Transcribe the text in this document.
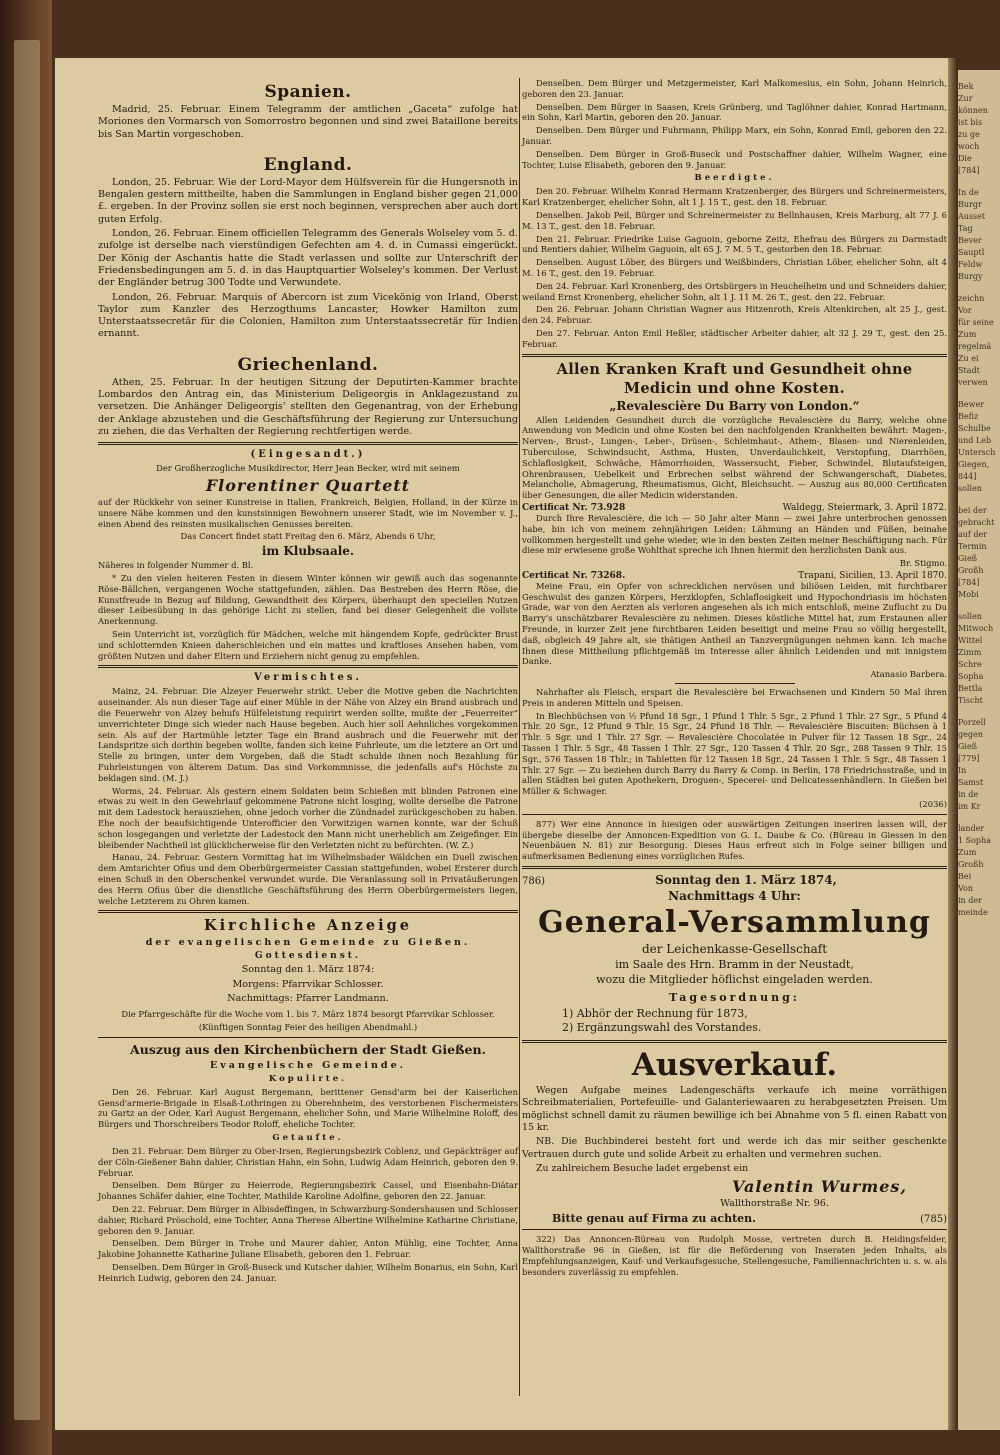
Bek
Zur
können
ist bis
zu ge
woch
Die
[784]
In de
Burgr
Ausset
Tag
Bever
Sauptl
Feldw
Burgy
zeichn
Vor
für seine
Zum
regelmä
Zu ei
Stadt
verwen
Bewer
Befiz
Schulbe
und Leb
Untersch
Giegen,
844]
sollen
bei der
gebracht
auf der
Termin
Gieß
Großh
[784]
Mobi
sollen
Mitwoch
Wittel
Zimm
Schre
Sopha
Bettla
Tischt
Porzell
gegen
Gieß
[779]
In
Samst
in de
im Kr
lander
1 Sopha
Zum
Großh
Bei
Von
in der
meinde
Spanien.

Madrid, 25. Februar. Einem Telegramm der amtlichen „Gaceta“ zufolge hat Moriones den Vormarsch von Somorrostro begonnen und sind zwei Bataillone bereits bis San Martin vorgeschoben.

England.

London, 25. Februar. Wie der Lord-Mayor dem Hülfsverein für die Hungersnoth in Bengalen gestern mittheilte, haben die Sammlungen in England bisher gegen 21,000 £. ergeben. In der Provinz sollen sie erst noch beginnen, versprechen aber auch dort guten Erfolg.

London, 26. Februar. Einem officiellen Telegramm des Generals Wolseley vom 5. d. zufolge ist derselbe nach vierstündigen Gefechten am 4. d. in Cumassi eingerückt. Der König der Aschantis hatte die Stadt verlassen und sollte zur Unterschrift der Friedensbedingungen am 5. d. in das Hauptquartier Wolseley's kommen. Der Verlust der Engländer betrug 300 Todte und Verwundete.

London, 26. Februar. Marquis of Abercorn ist zum Vicekönig von Irland, Oberst Taylor zum Kanzler des Herzogthums Lancaster, Howker Hamilton zum Unterstaatssecretär für die Colonien, Hamilton zum Unterstaatssecretär für Indien ernannt.

Griechenland.

Athen, 25. Februar. In der heutigen Sitzung der Deputirten-Kammer brachte Lombardos den Antrag ein, das Ministerium Deligeorgis in Anklagezustand zu versetzen. Die Anhänger Deligeorgis' stellten den Gegenantrag, von der Erhebung der Anklage abzustehen und die Geschäftsführung der Regierung zur Untersuchung zu ziehen, die das Verhalten der Regierung rechtfertigen werde.

(Eingesandt.)

Der Großherzogliche Musikdirector, Herr Jean Becker, wird mit seinem

Florentiner Quartett

auf der Rückkehr von seiner Kunstreise in Italien, Frankreich, Belgien, Holland, in der Kürze in unsere Nähe kommen und den kunstsinnigen Bewohnern unserer Stadt, wie im November v. J., einen Abend des reinsten musikalischen Genusses bereiten.

Das Concert findet statt Freitag den 6. März, Abends 6 Uhr,

im Klubsaale.

Näheres in folgender Nummer d. Bl.

* Zu den vielen heiteren Festen in diesem Winter können wir gewiß auch das sogenannte Röse-Bällchen, vergangenen Woche stattgefunden, zählen. Das Bestreben des Herrn Röse, die Kunstfreude in Bezug auf Bildung, Gewandtheit des Körpers, überhaupt den speciellen Nutzen dieser Leibesübung in das gehörige Licht zu stellen, fand bei dieser Gelegenheit die vollste Anerkennung.

Sein Unterricht ist, vorzüglich für Mädchen, welche mit hängendem Kopfe, gedrückter Brust und schlotternden Knieen daherschleichen und ein mattes und kraftloses Ansehen haben, vom größten Nutzen und daher Eltern und Erziehern nicht genug zu empfehlen.

Vermischtes.

Mainz, 24. Februar. Die Alzeyer Feuerwehr strikt. Ueber die Motive geben die Nachrichten auseinander. Als nun dieser Tage auf einer Mühle in der Nähe von Alzey ein Brand ausbrach und die Feuerwehr von Alzey behufs Hülfeleistung requirirt werden sollte, mußte der „Feuerreiter“ unverrichteter Dinge sich wieder nach Hause begeben. Auch hier soll Aehnliches vorgekommen sein. Als auf der Hartmühle letzter Tage ein Brand ausbrach und die Feuerwehr mit der Landspritze sich dorthin begeben wollte, fanden sich keine Fuhrleute, um die letztere an Ort und Stelle zu bringen, unter dem Vorgeben, daß die Stadt schulde ihnen noch Bezahlung für Fuhrleistungen von älterem Datum. Das sind Vorkommnisse, die jedenfalls auf's Höchste zu beklagen sind. (M. J.)

Worms, 24. Februar. Als gestern einem Soldaten beim Schießen mit blinden Patronen eine etwas zu weit in den Gewehrlauf gekommene Patrone nicht losging, wollte derselbe die Patrone mit dem Ladestock herausziehen, ohne jedoch vorher die Zündnadel zurückgeschoben zu haben. Ehe noch der beaufsichtigende Unterofficier den Vorwitzigen warnen konnte, war der Schuß schon losgegangen und verletzte der Ladestock den Mann nicht unerheblich am Zeigefinger. Ein bleibender Nachtheil ist glücklicherweise für den Verletzten nicht zu befürchten. (W. Z.)

Hanau, 24. Februar. Gestern Vormittag hat im Wilhelmsbader Wäldchen ein Duell zwischen dem Amtsrichter Ofius und dem Oberbürgermeister Cassian stattgefunden, wobei Ersterer durch einen Schuß in den Oberschenkel verwundet wurde. Die Veranlassung soll in Privatäußerungen des Herrn Ofius über die dienstliche Geschäftsführung des Herrn Oberbürgermeisters liegen, welche Letzterem zu Ohren kamen.

Kirchliche Anzeige
der evangelischen Gemeinde zu Gießen.
Gottesdienst.

Sonntag den 1. März 1874:

Morgens: Pfarrvikar Schlosser.

Nachmittags: Pfarrer Landmann.

Die Pfarrgeschäfte für die Woche vom 1. bis 7. März 1874 besorgt Pfarrvikar Schlosser.

(Künftigen Sonntag Feier des heiligen Abendmahl.)

Auszug aus den Kirchenbüchern der Stadt Gießen.
Evangelische Gemeinde.
Kopulirte.

Den 26. Februar. Karl August Bergemann, berittener Gensd'arm bei der Kaiserlichen Gensd'armerie-Brigade in Elsaß-Lothringen zu Oberehnheim, des verstorbenen Fischermeisters zu Gartz an der Oder, Karl August Bergemann, ehelicher Sohn, und Marie Wilhelmine Roloff, des Bürgers und Thorschreibers Teodor Roloff, eheliche Tochter.

Getaufte.

Den 21. Februar. Dem Bürger zu Ober-Irsen, Regierungsbezirk Coblenz, und Gepäckträger auf der Cöln-Gießener Bahn dahier, Christian Hahn, ein Sohn, Ludwig Adam Heinrich, geboren den 9. Februar.

Denselben. Dem Bürger zu Heierrode, Regierungsbezirk Cassel, und Eisenbahn-Diätar Johannes Schäfer dahier, eine Tochter, Mathilde Karoline Adolfine, geboren den 22. Januar.

Den 22. Februar. Dem Bürger in Albisdeffingen, in Schwarzburg-Sondershausen und Schlosser dahier, Richard Pröschold, eine Tochter, Anna Therese Albertine Wilhelmine Katharine Christiane, geboren den 9. Januar.

Denselben. Dem Bürger in Trohe und Maurer dahier, Anton Mühlig, eine Tochter, Anna Jakobine Johannette Katharine Juliane Elisabeth, geboren den 1. Februar.

Denselben. Dem Bürger in Groß-Buseck und Kutscher dahier, Wilhelm Bonarius, ein Sohn, Karl Heinrich Ludwig, geboren den 24. Januar.

Denselben. Dem Bürger und Metzgermeister, Karl Malkomesius, ein Sohn, Johann Heinrich, geboren den 23. Januar.

Denselben. Dem Bürger in Saasen, Kreis Grünberg, und Taglöhner dahier, Konrad Hartmann, ein Sohn, Karl Martin, geboren den 20. Januar.

Denselben. Dem Bürger und Fuhrmann, Philipp Marx, ein Sohn, Konrad Emil, geboren den 22. Januar.

Denselben. Dem Bürger in Groß-Buseck und Postschaffner dahier, Wilhelm Wagner, eine Tochter, Luise Elisabeth, geboren den 9. Januar.

Beerdigte.

Den 20. Februar. Wilhelm Konrad Hermann Kratzenberger, des Bürgers und Schreinermeisters, Karl Kratzenberger, ehelicher Sohn, alt 1 J. 15 T., gest. den 18. Februar.

Denselben. Jakob Peil, Bürger und Schreinermeister zu Bellnhausen, Kreis Marburg, alt 77 J. 6 M. 13 T., gest. den 18. Februar.

Den 21. Februar. Friedrike Luise Gaguoin, geborne Zeitz, Ehefrau des Bürgers zu Darmstadt und Rentiers dahier, Wilhelm Gaguoin, alt 65 J. 7 M. 5 T., gestorben den 18. Februar.

Denselben. August Löber, des Bürgers und Weißbinders, Christian Löber, ehelicher Sohn, alt 4 M. 16 T., gest. den 19. Februar.

Den 24. Februar. Karl Kronenberg, des Ortsbürgers in Heuchelheim und und Schneiders dahier, weiland Ernst Kronenberg, ehelicher Sohn, alt 1 J. 11 M. 26 T., gest. den 22. Februar.

Den 26. Februar. Johann Christian Wagner aus Hitzenroth, Kreis Altenkirchen, alt 25 J., gest. den 24. Februar.

Den 27. Februar. Anton Emil Heßler, städtischer Arbeiter dahier, alt 32 J. 29 T., gest. den 25. Februar.

Allen Kranken Kraft und Gesundheit ohne
Medicin und ohne Kosten.
„Revalescière Du Barry von London.“

Allen Leidenden Gesundheit durch die vorzügliche Revalescière du Barry, welche ohne Anwendung von Medicin und ohne Kosten bei den nachfolgenden Krankheiten bewährt: Magen-, Nerven-, Brust-, Lungen-, Leber-, Drüsen-, Schleimhaut-, Athem-, Blasen- und Nierenleiden, Tuberculose, Schwindsucht, Asthma, Husten, Unverdaulichkeit, Verstopfung, Diarrhöen, Schlaflosigkeit, Schwäche, Hämorrhoiden, Wassersucht, Fieber, Schwindel, Blutaufsteigen, Ohrenbrausen, Uebelkeit und Erbrechen selbst während der Schwangerschaft, Diabetes, Melancholie, Abmagerung, Rheumatismus, Gicht, Bleichsucht. — Auszug aus 80,000 Certificaten über Genesungen, die aller Medicin widerstanden.

Certificat Nr. 73.928	Waldegg, Steiermark, 3. April 1872.

Durch Ihre Revalescière, die ich — 50 Jahr alter Mann — zwei Jahre unterbrochen genossen habe, bin ich von meinem zehnjährigen Leiden: Lähmung an Händen und Füßen, beinahe vollkommen hergestellt und gehe wieder, wie in den besten Zeiten meiner Beschäftigung nach. Für diese mir erwiesene große Wohlthat spreche ich Ihnen hiermit den herzlichsten Dank aus.

Br. Stigmo.

Certificat Nr. 73268.	Trapani, Sicilien, 13. April 1870.

Meine Frau, ein Opfer von schrecklichen nervösen und biliösen Leiden, mit furchtbarer Geschwulst des ganzen Körpers, Herzklopfen, Schlaflosigkeit und Hypochondriasis im höchsten Grade, war von den Aerzten als verloren angesehen als ich mich entschloß, meine Zuflucht zu Du Barry's unschätzbarer Revalescière zu nehmen. Dieses köstliche Mittel hat, zum Erstaunen aller Freunde, in kurzer Zeit jene furchtbaren Leiden beseitigt und meine Frau so völlig hergestellt, daß, obgleich 49 Jahre alt, sie thätigen Antheil an Tanzvergnügungen nehmen kann. Ich mache Ihnen diese Mittheilung pflichtgemäß im Interesse aller ähnlich Leidenden und mit innigstem Danke.

Atanasio Barbera.

Nahrhafter als Fleisch, erspart die Revalescière bei Erwachsenen und Kindern 50 Mal ihren Preis in anderen Mitteln und Speisen.

In Blechbüchsen von ½ Pfund 18 Sgr., 1 Pfund 1 Thlr. 5 Sgr., 2 Pfund 1 Thlr. 27 Sgr., 5 Pfund 4 Thlr. 20 Sgr., 12 Pfund 9 Thlr. 15 Sgr., 24 Pfund 18 Thlr. — Revalescière Biscuiten: Büchsen à 1 Thlr. 5 Sgr. und 1 Thlr. 27 Sgr. — Revalescière Chocolatée in Pulver für 12 Tassen 18 Sgr., 24 Tassen 1 Thlr. 5 Sgr., 48 Tassen 1 Thlr. 27 Sgr., 120 Tassen 4 Thlr. 20 Sgr., 288 Tassen 9 Thlr. 15 Sgr., 576 Tassen 18 Thlr.; in Tabletten für 12 Tassen 18 Sgr., 24 Tassen 1 Thlr. 5 Sgr., 48 Tassen 1 Thlr. 27 Sgr. — Zu beziehen durch Barry du Barry & Comp. in Berlin, 178 Friedrichsstraße, und in allen Städten bei guten Apothekern, Droguen-, Specerei- und Delicatessenhändlern. In Gießen bei Müller & Schwager.

(2036)

877) Wer eine Annonce in hiesigen oder auswärtigen Zeitungen inseriren lassen will, der übergebe dieselbe der Annoncen-Expedition von G. L. Daube & Co. (Büreau in Giessen in den Neuenbäuen N. 81) zur Besorgung. Dieses Haus erfreut sich in Folge seiner billigen und aufmerksamen Bedienung eines vorzüglichen Rufes.

786)	Sonntag den 1. März 1874,
Nachmittags 4 Uhr:
General-Versammlung
der Leichenkasse-Gesellschaft
im Saale des Hrn. Bramm in der Neustadt,
wozu die Mitglieder höflichst eingeladen werden.
Tagesordnung:
1) Abhör der Rechnung für 1873,
2) Ergänzungswahl des Vorstandes.
Ausverkauf.

Wegen Aufgabe meines Ladengeschäfts verkaufe ich meine vorräthigen Schreibmaterialien, Portefeuille- und Galanteriewaaren zu herabgesetzten Preisen. Um möglichst schnell damit zu räumen bewillige ich bei Abnahme von 5 fl. einen Rabatt von 15 kr.

NB. Die Buchbinderei besteht fort und werde ich das mir seither geschenkte Vertrauen durch gute und solide Arbeit zu erhalten und vermehren suchen.

Zu zahlreichem Besuche ladet ergebenst ein

Valentin Wurmes,

Wallthorstraße Nr. 96.

Bitte genau auf Firma zu achten.	(785)

322) Das Annoncen-Büreau von Rudolph Mosse, vertreten durch B. Heidingsfelder, Wallthorstraße 96 in Gießen, ist für die Beförderung von Inseraten jeden Inhalts, als Empfehlungsanzeigen, Kauf- und Verkaufsgesuche, Stellengesuche, Familiennachrichten u. s. w. als besonders zuverlässig zu empfehlen.
